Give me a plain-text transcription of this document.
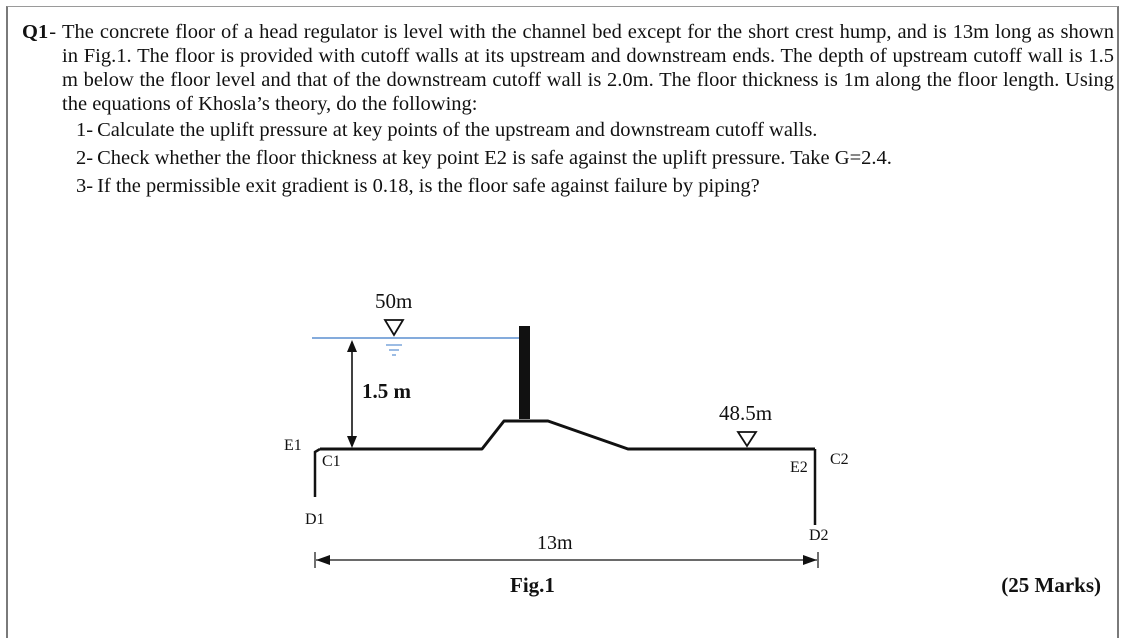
Q1 - The concrete floor of a head regulator is level with the channel bed except for the short crest hump, and is 13m long as shown in Fig.1. The floor is provided with cutoff walls at its upstream and downstream ends. The depth of upstream cutoff wall is 1.5 m below the floor level and that of the downstream cutoff wall is 2.0m. The floor thickness is 1m along the floor length. Using the equations of Khosla’s theory, do the following:
1- Calculate the uplift pressure at key points of the upstream and downstream cutoff walls.
2- Check whether the floor thickness at key point E2 is safe against the uplift pressure. Take G=2.4.
3- If the permissible exit gradient is 0.18, is the floor safe against failure by piping?
50m
1.5 m
48.5m
E1
C1
D1
E2 C2
D2
13m
Fig.1	(25 Marks)
